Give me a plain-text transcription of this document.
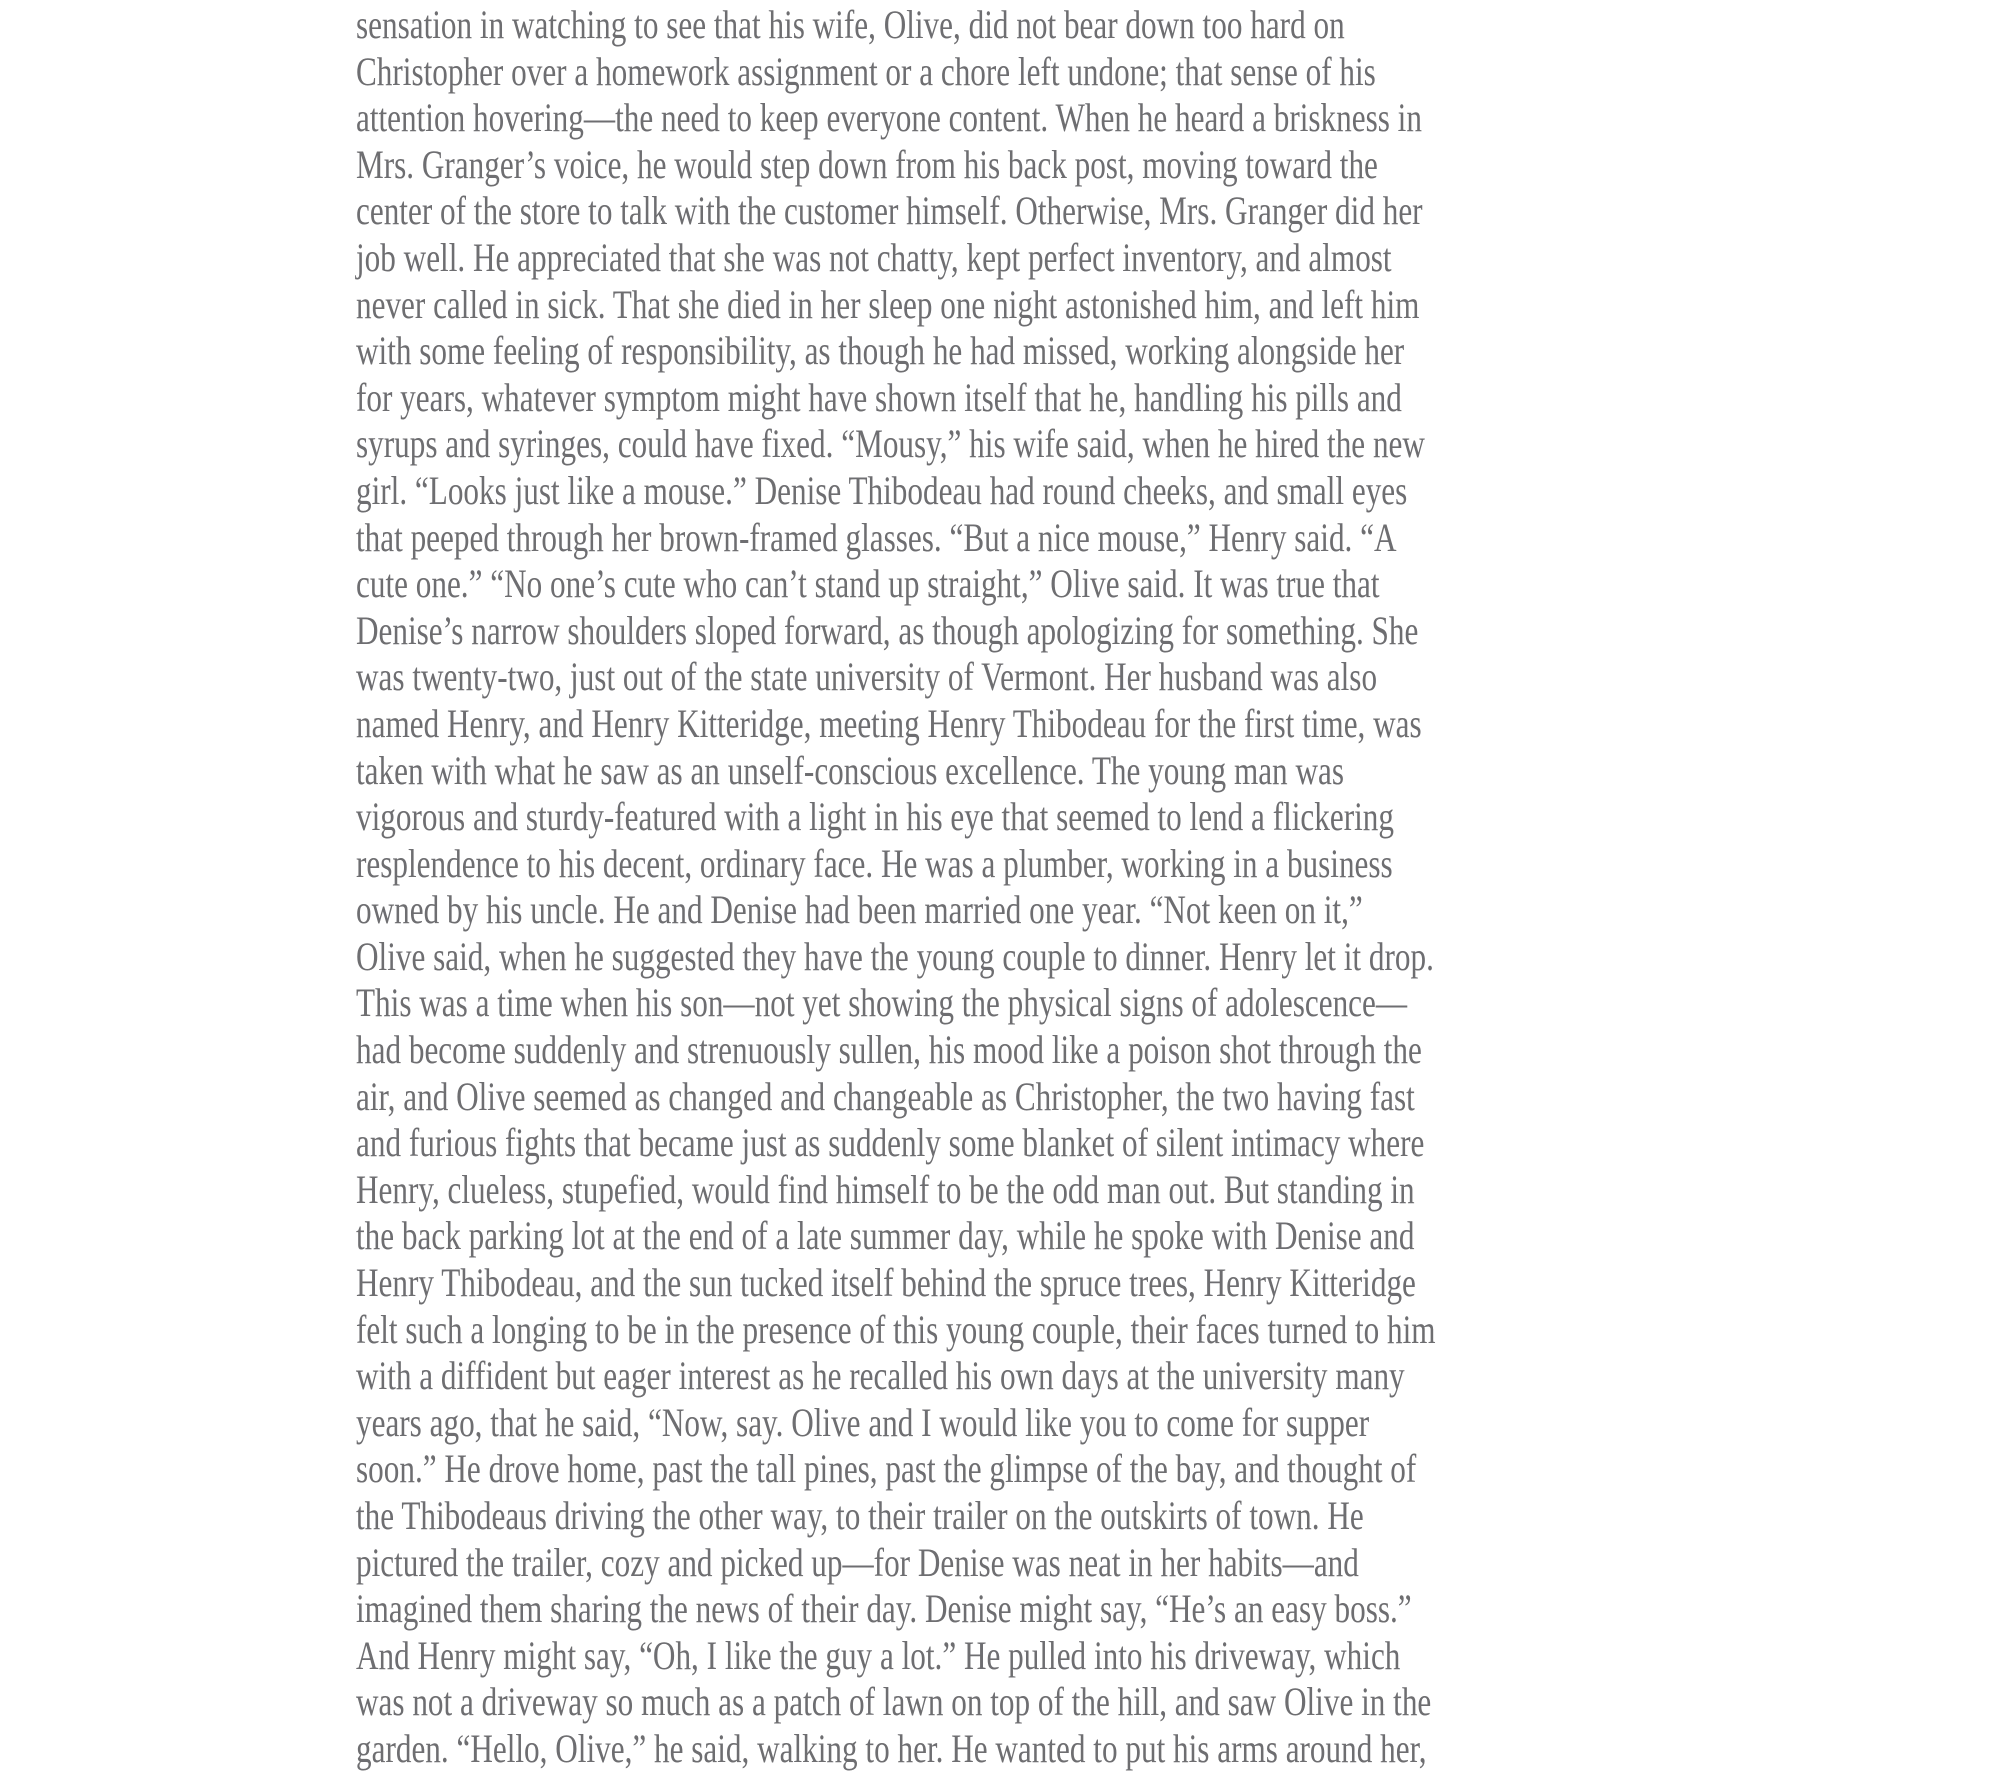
sensation in watching to see that his wife, Olive, did not bear down too hard on
Christopher over a homework assignment or a chore left undone; that sense of his
attention hovering—the need to keep everyone content. When he heard a briskness in
Mrs. Granger’s voice, he would step down from his back post, moving toward the
center of the store to talk with the customer himself. Otherwise, Mrs. Granger did her
job well. He appreciated that she was not chatty, kept perfect inventory, and almost
never called in sick. That she died in her sleep one night astonished him, and left him
with some feeling of responsibility, as though he had missed, working alongside her
for years, whatever symptom might have shown itself that he, handling his pills and
syrups and syringes, could have fixed. “Mousy,” his wife said, when he hired the new
girl. “Looks just like a mouse.” Denise Thibodeau had round cheeks, and small eyes
that peeped through her brown-framed glasses. “But a nice mouse,” Henry said. “A
cute one.” “No one’s cute who can’t stand up straight,” Olive said. It was true that
Denise’s narrow shoulders sloped forward, as though apologizing for something. She
was twenty-two, just out of the state university of Vermont. Her husband was also
named Henry, and Henry Kitteridge, meeting Henry Thibodeau for the first time, was
taken with what he saw as an unself-conscious excellence. The young man was
vigorous and sturdy-featured with a light in his eye that seemed to lend a flickering
resplendence to his decent, ordinary face. He was a plumber, working in a business
owned by his uncle. He and Denise had been married one year. “Not keen on it,”
Olive said, when he suggested they have the young couple to dinner. Henry let it drop.
This was a time when his son—not yet showing the physical signs of adolescence—
had become suddenly and strenuously sullen, his mood like a poison shot through the
air, and Olive seemed as changed and changeable as Christopher, the two having fast
and furious fights that became just as suddenly some blanket of silent intimacy where
Henry, clueless, stupefied, would find himself to be the odd man out. But standing in
the back parking lot at the end of a late summer day, while he spoke with Denise and
Henry Thibodeau, and the sun tucked itself behind the spruce trees, Henry Kitteridge
felt such a longing to be in the presence of this young couple, their faces turned to him
with a diffident but eager interest as he recalled his own days at the university many
years ago, that he said, “Now, say. Olive and I would like you to come for supper
soon.” He drove home, past the tall pines, past the glimpse of the bay, and thought of
the Thibodeaus driving the other way, to their trailer on the outskirts of town. He
pictured the trailer, cozy and picked up—for Denise was neat in her habits—and
imagined them sharing the news of their day. Denise might say, “He’s an easy boss.”
And Henry might say, “Oh, I like the guy a lot.” He pulled into his driveway, which
was not a driveway so much as a patch of lawn on top of the hill, and saw Olive in the
garden. “Hello, Olive,” he said, walking to her. He wanted to put his arms around her,
